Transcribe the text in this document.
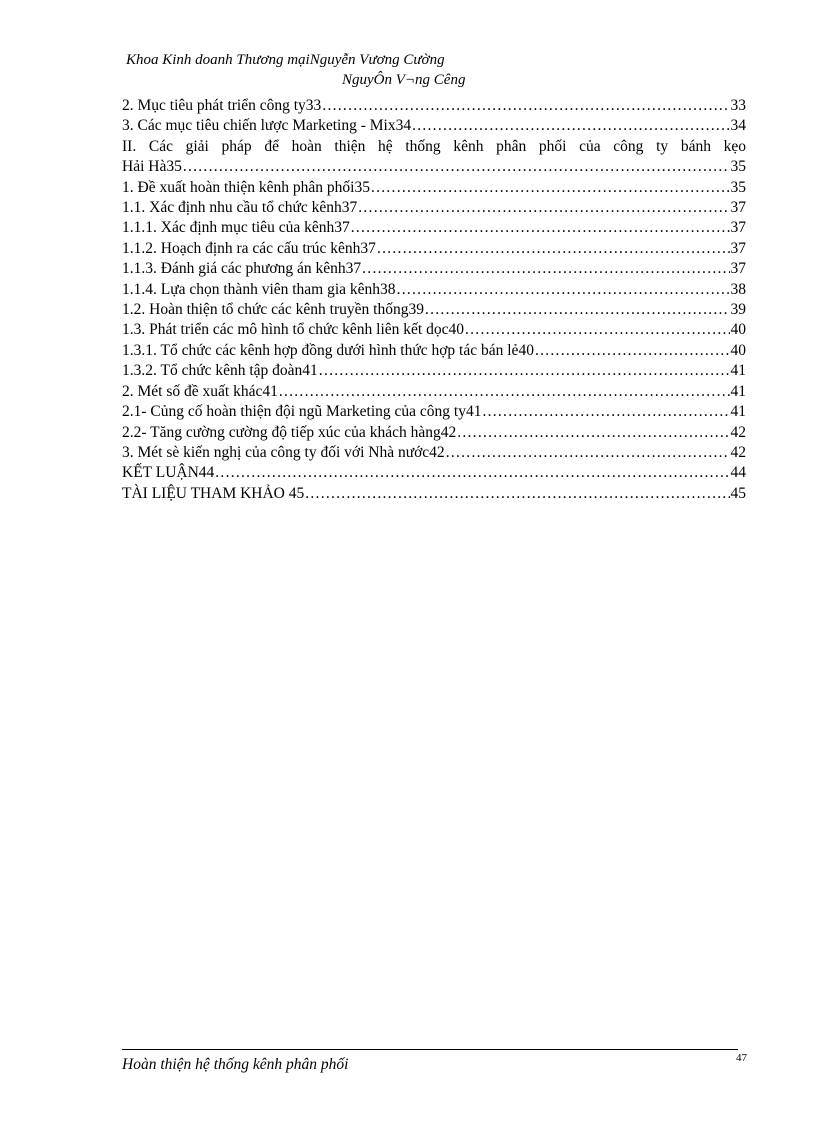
Khoa Kinh doanh Thương mạiNguyễn Vương Cường
NguyÔn V¬ng Cêng
2. Mục tiêu phát triển công ty33 . . .	33
3. Các mục tiêu chiến lược Marketing - Mix34 . . .	34
II. Các giải pháp để hoàn thiện hệ thống kênh phân phối của công ty bánh kẹo
Hải Hà35 . . .	35
1. Đề xuất hoàn thiện kênh phân phối35 . . .	35
1.1. Xác định nhu cầu tổ chức kênh37 . . .	37
1.1.1. Xác định mục tiêu của kênh37 . . .	37
1.1.2. Hoạch định ra các cấu trúc kênh37 . . .	37
1.1.3. Đánh giá các phương án kênh37 . . .	37
1.1.4. Lựa chọn thành viên tham gia kênh38 . . .	38
1.2. Hoàn thiện tổ chức các kênh truyền thống39 . . .	39
1.3. Phát triển các mô hình tổ chức kênh liên kết dọc40 . . .	40
1.3.1. Tổ chức các kênh hợp đồng dưới hình thức hợp tác bán lẻ40 . . .	40
1.3.2. Tổ chức kênh tập đoàn41 . . .	41
2. Mét số đề xuất khác41 . . .	41
2.1- Củng cố hoàn thiện đội ngũ Marketing của công ty41 . . .	41
2.2- Tăng cường cường độ tiếp xúc của khách hàng42 . . .	42
3. Mét sè kiến nghị của công ty đối với Nhà nước42 . . .	42
KẾT LUẬN44 . . .	44
TÀI LIỆU THAM KHẢO 45 . . .	45
Hoàn thiện hệ thống kênh phân phối	47
